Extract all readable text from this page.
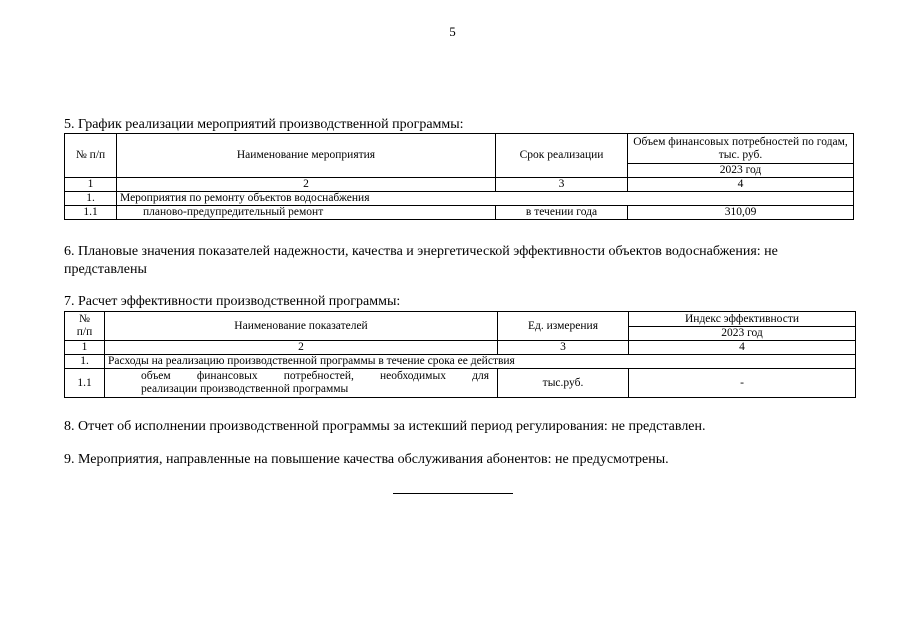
5
5. График реализации мероприятий производственной программы:
№ п/п	Наименование мероприятия	Срок реализации	Объем финансовых потребностей по годам, тыс. руб.
			2023 год
1	2	3	4
1.	Мероприятия по ремонту объектов водоснабжения		
1.1	планово-предупредительный ремонт	в течении года	310,09
6. Плановые значения показателей надежности, качества и энергетической эффективности объектов водоснабжения: не представлены
7. Расчет эффективности производственной программы:
№
п/п	Наименование показателей	Ед. измерения	Индекс эффективности
			2023 год
1	2	3	4
1.	Расходы на реализацию производственной программы в течение срока ее действия		
1.1	объем финансовых потребностей, необходимых для
реализации производственной программы	тыс.руб.	-
8. Отчет об исполнении производственной программы за истекший период регулирования: не представлен.
9. Мероприятия, направленные на повышение качества обслуживания абонентов: не предусмотрены.
